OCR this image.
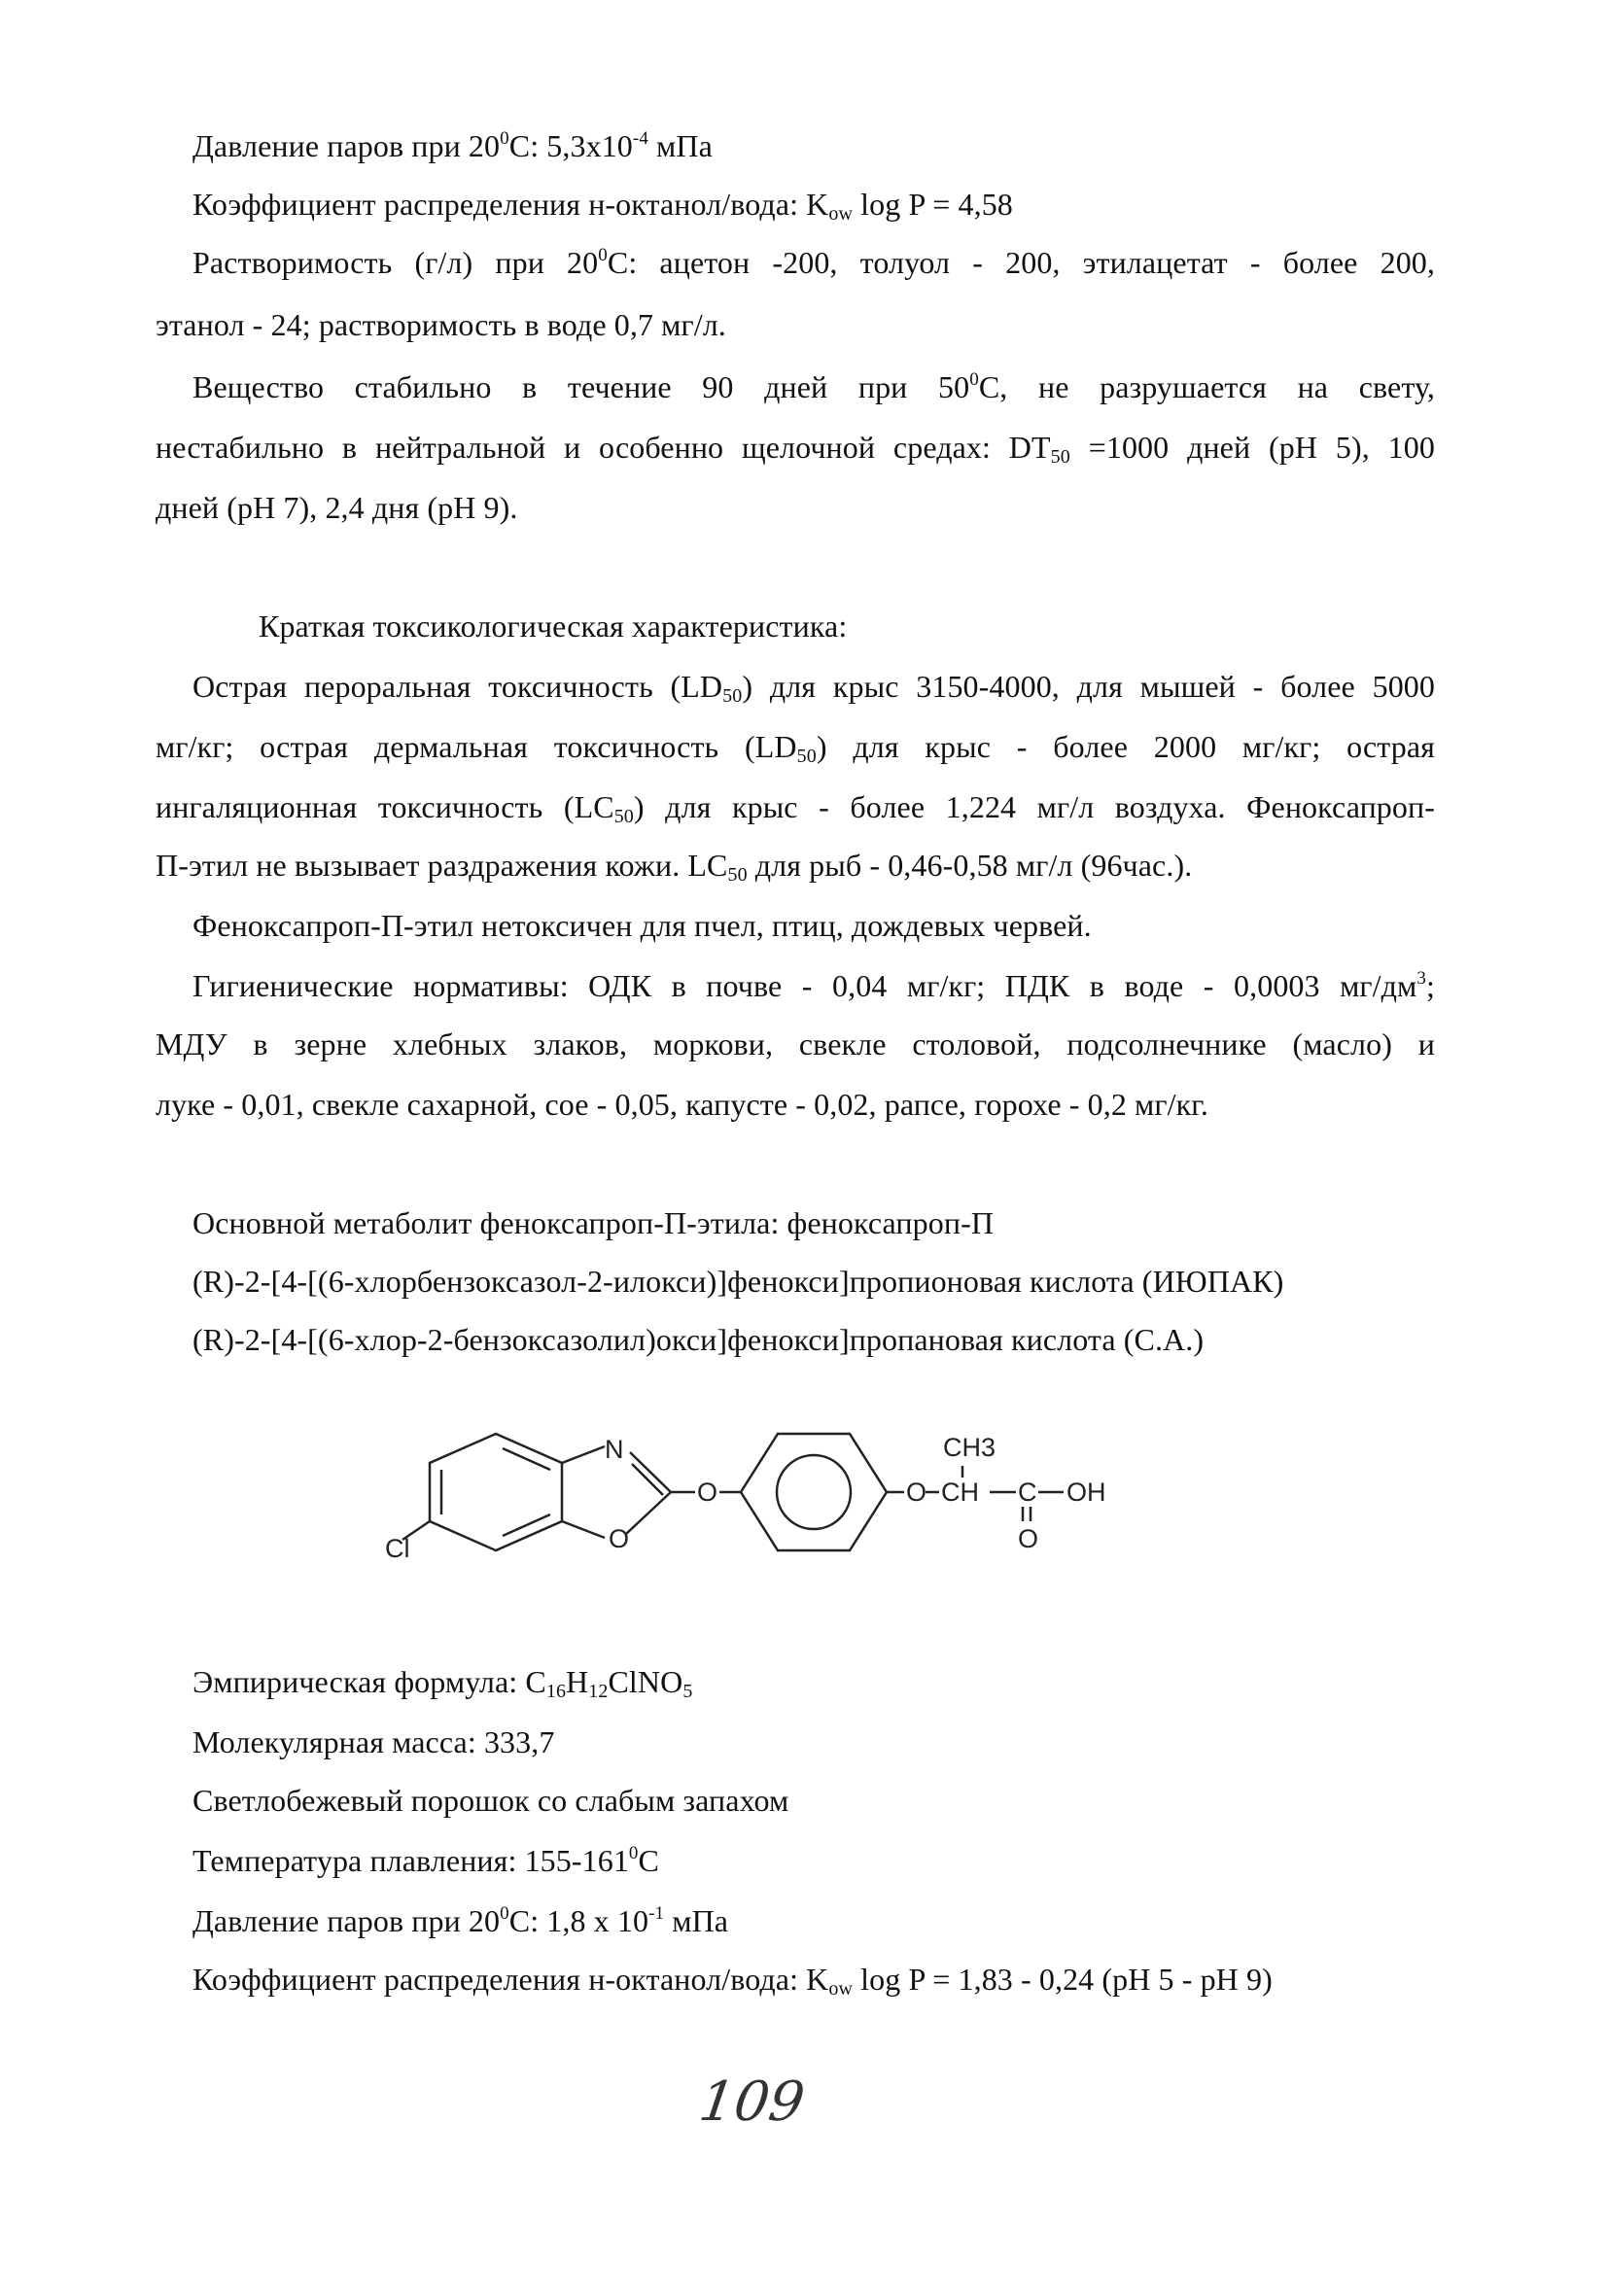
Давление паров при $20^0С$: $5,3х10^{-4}$ мПа
Коэффициент распределения н-октанол/вода: $K_{ow}$ log P = 4,58
Растворимость (г/л) при $20^0С$: ацетон -200, толуол - 200, этилацетат - более 200,
этанол - 24; растворимость в воде 0,7 мг/л.
Вещество стабильно в течение 90 дней при $50^0С$, не разрушается на свету,
нестабильно в нейтральной и особенно щелочной средах: $DT_{50} =1000$ дней (pH 5), 100
дней (pH 7), 2,4 дня (pH 9).
Краткая токсикологическая характеристика:
Острая пероральная токсичность $(LD_{50})$ для крыс 3150-4000, для мышей - более 5000
мг/кг; острая дермальная токсичность $(LD_{50})$ для крыс - более 2000 мг/кг; острая
ингаляционная токсичность $(LC_{50})$ для крыс - более 1,224 мг/л воздуха. Феноксапроп-
П-этил не вызывает раздражения кожи. $LC_{50}$ для рыб - 0,46-0,58 мг/л (96час.).
Феноксапроп-П-этил нетоксичен для пчел, птиц, дождевых червей.
Гигиенические нормативы: ОДК в почве - 0,04 мг/кг; ПДК в воде - 0,0003 $мг/дм^3$;
МДУ в зерне хлебных злаков, моркови, свекле столовой, подсолнечнике (масло) и
луке - 0,01, свекле сахарной, сое - 0,05, капусте - 0,02, рапсе, горохе - 0,2 мг/кг.
Основной метаболит феноксапроп-П-этила: феноксапроп-П
(R)-2-[4-[(6-хлорбензоксазол-2-илокси)]фенокси]пропионовая кислота (ИЮПАК)
(R)-2-[4-[(6-хлор-2-бензоксазолил)окси]фенокси]пропановая кислота (С.А.)
N
O
Cl
O	O
CH3
CH C OH
O
Эмпирическая формула: $C_{16}H_{12}ClNO_5$
Молекулярная масса: 333,7
Светлобежевый порошок со слабым запахом
Температура плавления: $155-161^0С$
Давление паров при $20^0С$: 1,8 х $10^{-1}$ мПа
Коэффициент распределения н-октанол/вода: $K_{ow}$ log P = 1,83 - 0,24 (pH 5 - pH 9)
109
